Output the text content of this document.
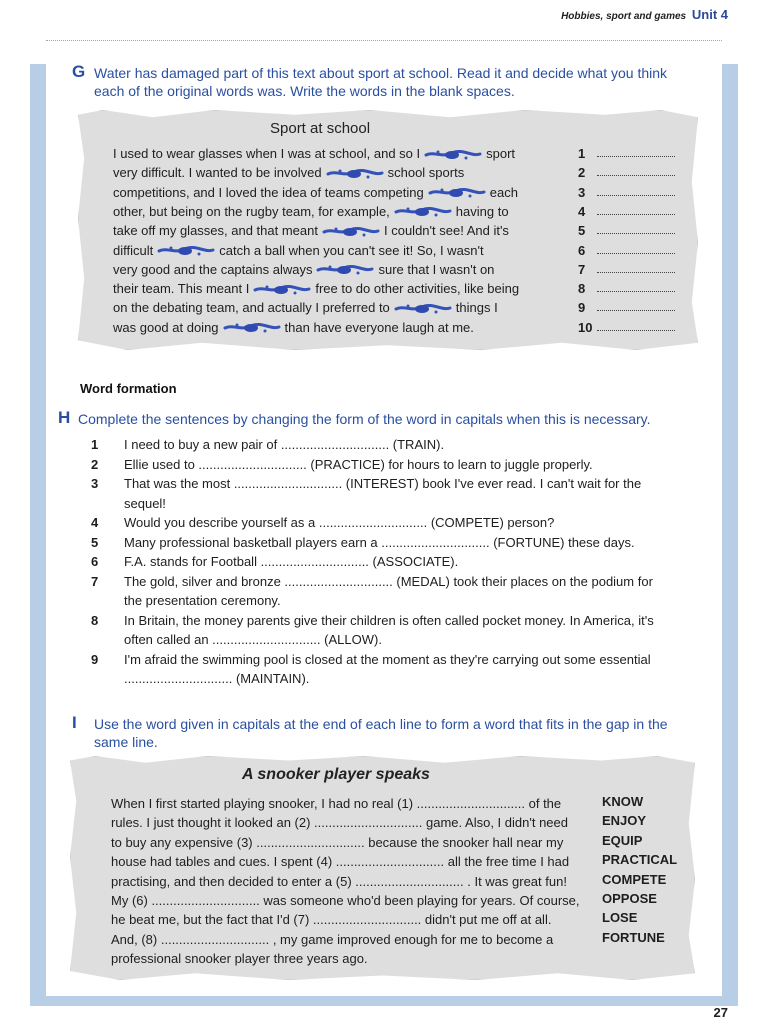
Hobbies, sport and games Unit 4
G Water has damaged part of this text about sport at school. Read it and decide what you think
each of the original words was. Write the words in the blank spaces.
Sport at school
I used to wear glasses when I was at school, and so I	sport	1
very difficult. I wanted to be involved	school sports	2
competitions, and I loved the idea of teams competing	each	3
other, but being on the rugby team, for example,	having to	4
take off my glasses, and that meant	I couldn't see! And it's	5
difficult	catch a ball when you can't see it! So, I wasn't	6
very good and the captains always	sure that I wasn't on	7
their team. This meant I	free to do other activities, like being	8
on the debating team, and actually I preferred to	things I	9
was good at doing	than have everyone laugh at me.	10
Word formation
H Complete the sentences by changing the form of the word in capitals when this is necessary.
1 I need to buy a new pair of .............................. (TRAIN).
2 Ellie used to .............................. (PRACTICE) for hours to learn to juggle properly.
3 That was the most .............................. (INTEREST) book I've ever read. I can't wait for the
sequel!
4 Would you describe yourself as a .............................. (COMPETE) person?
5 Many professional basketball players earn a .............................. (FORTUNE) these days.
6 F.A. stands for Football .............................. (ASSOCIATE).
7 The gold, silver and bronze .............................. (MEDAL) took their places on the podium for
the presentation ceremony.
8 In Britain, the money parents give their children is often called pocket money. In America, it's
often called an .............................. (ALLOW).
9 I'm afraid the swimming pool is closed at the moment as they're carrying out some essential
.............................. (MAINTAIN).
I Use the word given in capitals at the end of each line to form a word that fits in the gap in the
same line.
A snooker player speaks
When I first started playing snooker, I had no real (1) .............................. of the
rules. I just thought it looked an (2) .............................. game. Also, I didn't need
to buy any expensive (3) .............................. because the snooker hall near my
house had tables and cues. I spent (4) .............................. all the free time I had
practising, and then decided to enter a (5) .............................. . It was great fun!
My (6) .............................. was someone who'd been playing for years. Of course,
he beat me, but the fact that I'd (7) .............................. didn't put me off at all.
And, (8) .............................. , my game improved enough for me to become a
professional snooker player three years ago.
KNOW
ENJOY
EQUIP
PRACTICAL
COMPETE
OPPOSE
LOSE
FORTUNE
27
